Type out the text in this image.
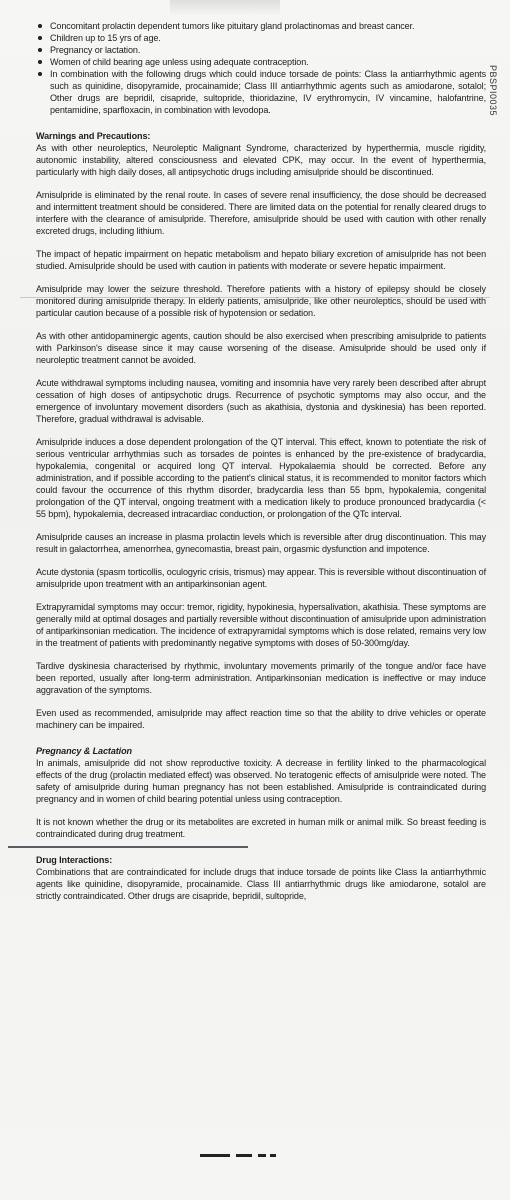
PBSPI0035
Concomitant prolactin dependent tumors like pituitary gland prolactinomas and breast cancer.
Children up to 15 yrs of age.
Pregnancy or lactation.
Women of child bearing age unless using adequate contraception.
In combination with the following drugs which could induce torsade de points: Class Ia antiarrhythmic agents such as quinidine, disopyramide, procainamide; Class III antiarrhythmic agents such as amiodarone, sotalol; Other drugs are bepridil, cisapride, sultopride, thioridazine, IV erythromycin, IV vincamine, halofantrine, pentamidine, sparfloxacin, in combination with levodopa.
Warnings and Precautions:

As with other neuroleptics, Neuroleptic Malignant Syndrome, characterized by hyperthermia, muscle rigidity, autonomic instability, altered consciousness and elevated CPK, may occur. In the event of hyperthermia, particularly with high daily doses, all antipsychotic drugs including amisulpride should be discontinued.

Amisulpride is eliminated by the renal route. In cases of severe renal insufficiency, the dose should be decreased and intermittent treatment should be considered. There are limited data on the potential for renally cleared drugs to interfere with the clearance of amisulpride. Therefore, amisulpride should be used with caution with other renally excreted drugs, including lithium.

The impact of hepatic impairment on hepatic metabolism and hepato biliary excretion of amisulpride has not been studied. Amisulpride should be used with caution in patients with moderate or severe hepatic impairment.

Amisulpride may lower the seizure threshold. Therefore patients with a history of epilepsy should be closely monitored during amisulpride therapy. In elderly patients, amisulpride, like other neuroleptics, should be used with particular caution because of a possible risk of hypotension or sedation.

As with other antidopaminergic agents, caution should be also exercised when prescribing amisulpride to patients with Parkinson's disease since it may cause worsening of the disease. Amisulpride should be used only if neuroleptic treatment cannot be avoided.

Acute withdrawal symptoms including nausea, vomiting and insomnia have very rarely been described after abrupt cessation of high doses of antipsychotic drugs. Recurrence of psychotic symptoms may also occur, and the emergence of involuntary movement disorders (such as akathisia, dystonia and dyskinesia) has been reported. Therefore, gradual withdrawal is advisable.

Amisulpride induces a dose dependent prolongation of the QT interval. This effect, known to potentiate the risk of serious ventricular arrhythmias such as torsades de pointes is enhanced by the pre-existence of bradycardia, hypokalemia, congenital or acquired long QT interval. Hypokalaemia should be corrected. Before any administration, and if possible according to the patient's clinical status, it is recommended to monitor factors which could favour the occurrence of this rhythm disorder, bradycardia less than 55 bpm, hypokalemia, congenital prolongation of the QT interval, ongoing treatment with a medication likely to produce pronounced bradycardia (< 55 bpm), hypokalemia, decreased intracardiac conduction, or prolongation of the QTc interval.

Amisulpride causes an increase in plasma prolactin levels which is reversible after drug discontinuation. This may result in galactorrhea, amenorrhea, gynecomastia, breast pain, orgasmic dysfunction and impotence.

Acute dystonia (spasm torticollis, oculogyric crisis, trismus) may appear. This is reversible without discontinuation of amisulpride upon treatment with an antiparkinsonian agent.

Extrapyramidal symptoms may occur: tremor, rigidity, hypokinesia, hypersalivation, akathisia. These symptoms are generally mild at optimal dosages and partially reversible without discontinuation of amisulpride upon administration of antiparkinsonian medication. The incidence of extrapyramidal symptoms which is dose related, remains very low in the treatment of patients with predominantly negative symptoms with doses of 50-300mg/day.

Tardive dyskinesia characterised by rhythmic, involuntary movements primarily of the tongue and/or face have been reported, usually after long-term administration. Antiparkinsonian medication is ineffective or may induce aggravation of the symptoms.

Even used as recommended, amisulpride may affect reaction time so that the ability to drive vehicles or operate machinery can be impaired.

Pregnancy & Lactation

In animals, amisulpride did not show reproductive toxicity. A decrease in fertility linked to the pharmacological effects of the drug (prolactin mediated effect) was observed. No teratogenic effects of amisulpride were noted. The safety of amisulpride during human pregnancy has not been established. Amisulpride is contraindicated during pregnancy and in women of child bearing potential unless using contraception.

It is not known whether the drug or its metabolites are excreted in human milk or animal milk. So breast feeding is contraindicated during drug treatment.

Drug Interactions:

Combinations that are contraindicated for include drugs that induce torsade de points like Class Ia antiarrhythmic agents like quinidine, disopyramide, procainamide. Class III antiarrhythmic drugs like amiodarone, sotalol are strictly contraindicated. Other drugs are cisapride, bepridil, sultopride,
